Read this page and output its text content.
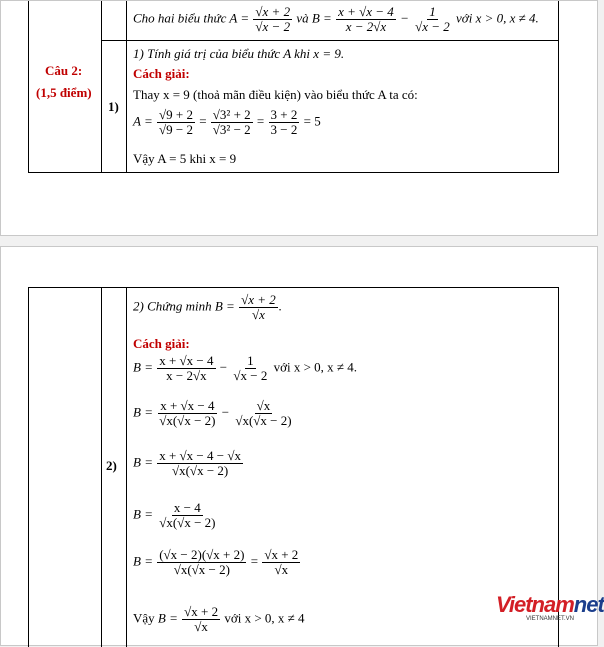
Câu 2:
(1,5 điểm)
1)
Cho hai biểu thức $A = \frac{√x + 2}{√x - 2}$ và $B = \frac{x + √x - 4}{x - 2√x} - \frac{1}{√x - 2}$ với x > 0, x ≠ 4.
1) Tính giá trị của biểu thức A khi x = 9.
Cách giải:
Thay x = 9 (thoả mãn điều kiện) vào biểu thức A ta có:
$A = \frac{√9 + 2}{√9 - 2} = \frac{\text{√3² + 2}}{\text{√3² − 2}} = \frac{3 + 2}{3 - 2} = 5$
Vậy A = 5 khi x = 9
2)
2) Chứng minh $B = \frac{√x + 2}{√x}$ .
Cách giải:
$B = \frac{x + √x - 4}{x - 2√x} - \frac{1}{√x - 2}$ với x > 0, x ≠ 4.
$B = \frac{x + √x - 4}{√x(√x - 2)} - \frac{√x}{√x(√x - 2)}$
$B = \frac{x + √x - 4 - √x}{√x(√x - 2)}$
$B = \frac{x - 4}{√x(√x - 2)}$
$B = \frac{(√x - 2)(√x + 2)}{√x(√x - 2)} = \frac{√x + 2}{√x}$
Vậy $B = \frac{√x + 2}{√x}$ với x > 0, x ≠ 4
Vietnamnet
VIETNAMNET.VN
